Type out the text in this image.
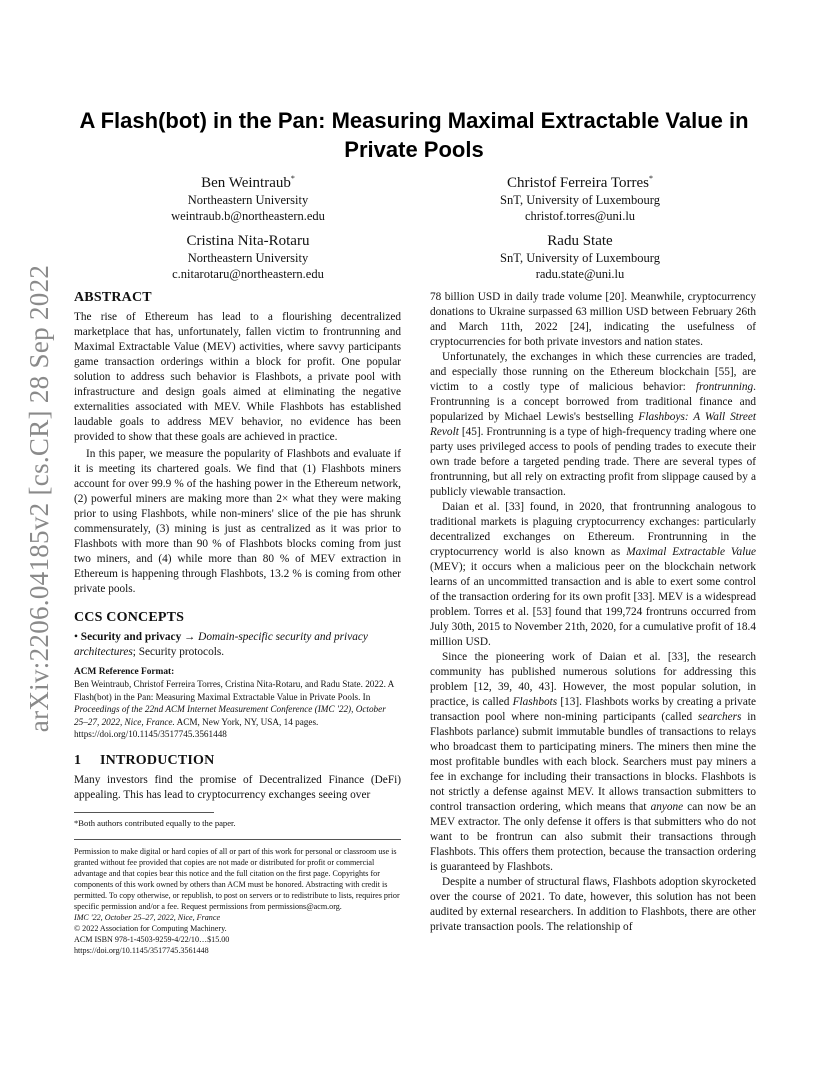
arXiv:2206.04185v2 [cs.CR] 28 Sep 2022
A Flash(bot) in the Pan: Measuring Maximal Extractable Value in Private Pools
Ben Weintraub*
Northeastern University
weintraub.b@northeastern.edu
Christof Ferreira Torres*
SnT, University of Luxembourg
christof.torres@uni.lu
Cristina Nita-Rotaru
Northeastern University
c.nitarotaru@northeastern.edu
Radu State
SnT, University of Luxembourg
radu.state@uni.lu
ABSTRACT

The rise of Ethereum has lead to a flourishing decentralized marketplace that has, unfortunately, fallen victim to frontrunning and Maximal Extractable Value (MEV) activities, where savvy participants game transaction orderings within a block for profit. One popular solution to address such behavior is Flashbots, a private pool with infrastructure and design goals aimed at eliminating the negative externalities associated with MEV. While Flashbots has established laudable goals to address MEV behavior, no evidence has been provided to show that these goals are achieved in practice.

In this paper, we measure the popularity of Flashbots and evaluate if it is meeting its chartered goals. We find that (1) Flashbots miners account for over 99.9 % of the hashing power in the Ethereum network, (2) powerful miners are making more than 2× what they were making prior to using Flashbots, while non-miners' slice of the pie has shrunk commensurately, (3) mining is just as centralized as it was prior to Flashbots with more than 90 % of Flashbots blocks coming from just two miners, and (4) while more than 80 % of MEV extraction in Ethereum is happening through Flashbots, 13.2 % is coming from other private pools.

CCS CONCEPTS

• Security and privacy → Domain-specific security and privacy architectures; Security protocols.

ACM Reference Format:

Ben Weintraub, Christof Ferreira Torres, Cristina Nita-Rotaru, and Radu State. 2022. A Flash(bot) in the Pan: Measuring Maximal Extractable Value in Private Pools. In Proceedings of the 22nd ACM Internet Measurement Conference (IMC '22), October 25–27, 2022, Nice, France. ACM, New York, NY, USA, 14 pages. https://doi.org/10.1145/3517745.3561448

1 INTRODUCTION

Many investors find the promise of Decentralized Finance (DeFi) appealing. This has lead to cryptocurrency exchanges seeing over

*Both authors contributed equally to the paper.
Permission to make digital or hard copies of all or part of this work for personal or classroom use is granted without fee provided that copies are not made or distributed for profit or commercial advantage and that copies bear this notice and the full citation on the first page. Copyrights for components of this work owned by others than ACM must be honored. Abstracting with credit is permitted. To copy otherwise, or republish, to post on servers or to redistribute to lists, requires prior specific permission and/or a fee. Request permissions from permissions@acm.org.
IMC '22, October 25–27, 2022, Nice, France
© 2022 Association for Computing Machinery.
ACM ISBN 978-1-4503-9259-4/22/10…$15.00
https://doi.org/10.1145/3517745.3561448

78 billion USD in daily trade volume [20]. Meanwhile, cryptocurrency donations to Ukraine surpassed 63 million USD between February 26th and March 11th, 2022 [24], indicating the usefulness of cryptocurrencies for both private investors and nation states.

Unfortunately, the exchanges in which these currencies are traded, and especially those running on the Ethereum blockchain [55], are victim to a costly type of malicious behavior: frontrunning. Frontrunning is a concept borrowed from traditional finance and popularized by Michael Lewis's bestselling Flashboys: A Wall Street Revolt [45]. Frontrunning is a type of high-frequency trading where one party uses privileged access to pools of pending trades to execute their own trade before a targeted pending trade. There are several types of frontrunning, but all rely on extracting profit from slippage caused by a publicly viewable transaction.

Daian et al. [33] found, in 2020, that frontrunning analogous to traditional markets is plaguing cryptocurrency exchanges: particularly decentralized exchanges on Ethereum. Frontrunning in the cryptocurrency world is also known as Maximal Extractable Value (MEV); it occurs when a malicious peer on the blockchain network learns of an uncommitted transaction and is able to exert some control of the transaction ordering for its own profit [33]. MEV is a widespread problem. Torres et al. [53] found that 199,724 frontruns occurred from July 30th, 2015 to November 21th, 2020, for a cumulative profit of 18.4 million USD.

Since the pioneering work of Daian et al. [33], the research community has published numerous solutions for addressing this problem [12, 39, 40, 43]. However, the most popular solution, in practice, is called Flashbots [13]. Flashbots works by creating a private transaction pool where non-mining participants (called searchers in Flashbots parlance) submit immutable bundles of transactions to relays who broadcast them to participating miners. The miners then mine the most profitable bundles with each block. Searchers must pay miners a fee in exchange for including their transactions in blocks. Flashbots is not strictly a defense against MEV. It allows transaction submitters to control transaction ordering, which means that anyone can now be an MEV extractor. The only defense it offers is that submitters who do not want to be frontrun can also submit their transactions through Flashbots. This offers them protection, because the transaction ordering is guaranteed by Flashbots.

Despite a number of structural flaws, Flashbots adoption skyrocketed over the course of 2021. To date, however, this solution has not been audited by external researchers. In addition to Flashbots, there are other private transaction pools. The relationship of
